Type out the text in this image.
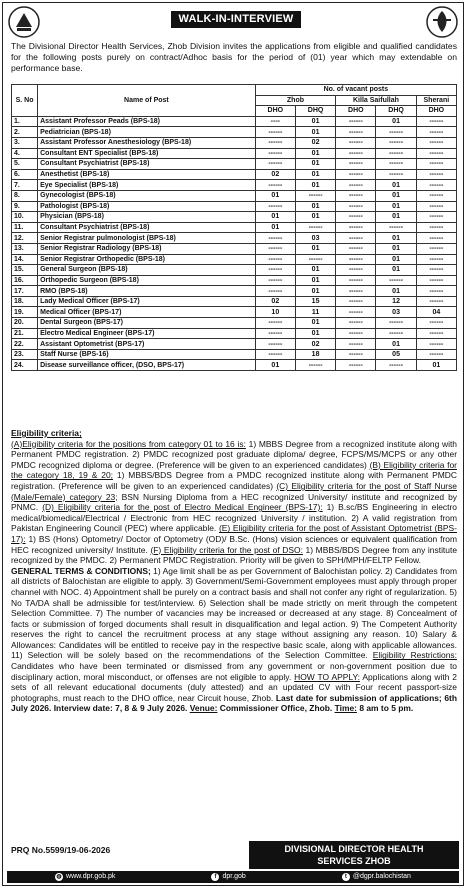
WALK-IN-INTERVIEW
The Divisional Director Health Services, Zhob Division invites the applications from eligible and qualified candidates for the following posts purely on contract/Adhoc basis for the period of (01) year which may extendable on performance base.
S. No	Name of Post	No. of vacant posts				
		Zhob		Killa Saifullah		Sherani
		DHO	DHQ	DHO	DHQ	DHO
1.	Assistant Professor Peads (BPS-18)	----	01	------	01	------
2.	Pediatrician (BPS-18)	------	01	------	------	------
3.	Assistant Professor Anesthesiology (BPS-18)	------	02	------	------	------
4.	Consultant ENT Specialist (BPS-18)	------	01	------	------	------
5.	Consultant Psychiatrist (BPS-18)	------	01	------	------	------
6.	Anesthetist (BPS-18)	02	01	------	------	------
7.	Eye Specialist (BPS-18)	------	01	------	01	------
8.	Gynecologist (BPS-18)	01	------	------	01	------
9.	Pathologist (BPS-18)	------	01	------	01	------
10.	Physician (BPS-18)	01	01	------	01	------
11.	Consultant Psychiatrist (BPS-18)	01	------	------	------	------
12.	Senior Registrar pulmonologist (BPS-18)	------	03	------	01	------
13.	Senior Registrar Radiology (BPS-18)	------	01	------	01	------
14.	Senior Registrar Orthopedic (BPS-18)	------	------	------	01	------
15.	General Surgeon (BPS-18)	------	01	------	01	------
16.	Orthopedic Surgeon (BPS-18)	------	01	------	------	------
17.	RMO (BPS-18)	------	01	------	01	------
18.	Lady Medical Officer (BPS-17)	02	15	------	12	------
19.	Medical Officer (BPS-17)	10	11	------	03	04
20.	Dental Surgeon (BPS-17)	------	01	------	------	------
21.	Electro Medical Engineer (BPS-17)	------	01	------	------	------
22.	Assistant Optometrist (BPS-17)	------	02	------	01	------
23.	Staff Nurse (BPS-16)	------	18	------	05	------
24.	Disease surveillance officer, (DSO, BPS-17)	01	------	------	------	01

Eligibility criteria;

(A)Eligibility criteria for the positions from category 01 to 16 is: 1) MBBS Degree from a recognized institute along with Permanent PMDC registration. 2) PMDC recognized post graduate diploma/ degree, FCPS/MS/MCPS or any other PMDC recognized diploma or degree. (Preference will be given to an experienced candidates) (B) Eligibility criteria for the category 18, 19 & 20; 1) MBBS/BDS Degree from a PMDC recognized institute along with Permanent PMDC registration. (Preference will be given to an experienced candidates) (C) Eligibility criteria for the post of Staff Nurse (Male/Female) category 23; BSN Nursing Diploma from a HEC recognized University/ institute and recognized by PNMC. (D) Eligibility criteria for the post of Electro Medical Engineer (BPS-17): 1) B.sc/BS Engineering in electro medical/biomedical/Electrical / Electronic from HEC recognized University / institution. 2) A valid registration from Pakistan Engineering Council (PEC) where applicable. (E) Eligibility criteria for the post of Assistant Optometrist (BPS-17): 1) BS (Hons) Optometry/ Doctor of Optometry (OD)/ B.Sc. (Hons) vision sciences or equivalent qualification from HEC recognized university/ Institute. (F) Eligibility criteria for the post of DSO: 1) MBBS/BDS Degree from any institute recognized by the PMDC. 2) Permanent PMDC Registration. Priority will be given to SPH/MPH/FELTP Fellow.

GENERAL TERMS & CONDITIONS; 1) Age limit shall be as per Government of Balochistan policy. 2) Candidates from all districts of Balochistan are eligible to apply. 3) Government/Semi-Government employees must apply through proper channel with NOC. 4) Appointment shall be purely on a contract basis and shall not confer any right of regularization. 5) No TA/DA shall be admissible for test/interview. 6) Selection shall be made strictly on merit through the competent Selection Committee. 7) The number of vacancies may be increased or decreased at any stage. 8) Concealment of facts or submission of forged documents shall result in disqualification and legal action. 9) The Competent Authority reserves the right to cancel the recruitment process at any stage without assigning any reason. 10) Salary & Allowances: Candidates will be entitled to receive pay in the respective basic scale, along with applicable allowances. 11) Selection will be solely based on the recommendations of the Selection Committee. Eligibility Restrictions: Candidates who have been terminated or dismissed from any government or non-government position due to disciplinary action, moral misconduct, or offenses are not eligible to apply. HOW TO APPLY: Applications along with 2 sets of all relevant educational documents (duly attested) and an updated CV with Four recent passport-size photographs, must reach to the DHO office, near Circuit house, Zhob. Last date for submission of applications; 6th July 2026. Interview date: 7, 8 & 9 July 2026. Venue: Commissioner Office, Zhob. Time: 8 am to 5 pm.

PRQ No.5599/19-06-2026	DIVISIONAL DIRECTOR HEALTH
SERVICES ZHOB
◍ www.dpr.gob.pk	f dpr.gob	t @dgpr.balochistan
